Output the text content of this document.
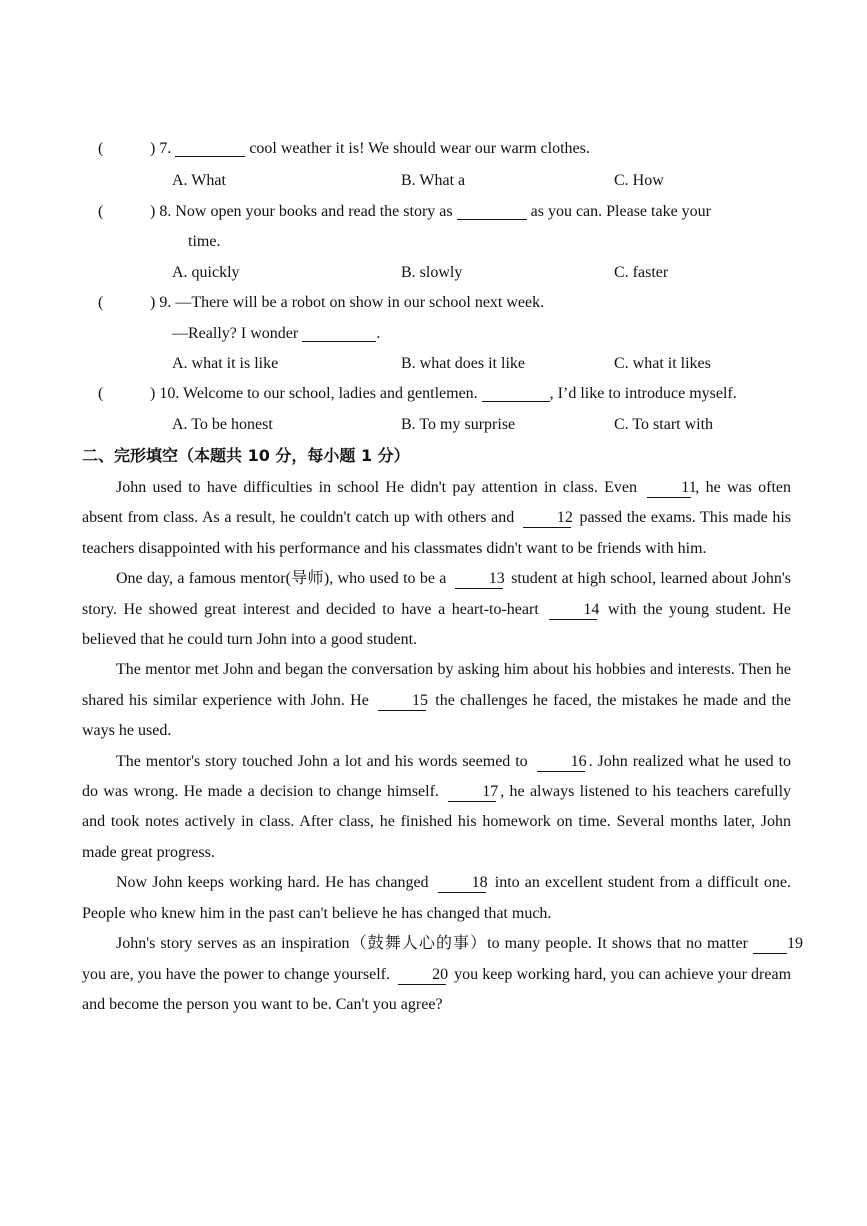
(	) 7.	cool weather it is! We should wear our warm clothes.
A. What	B. What a	C. How
(	) 8. Now open your books and read the story as	as you can. Please take your
time.
A. quickly	B. slowly	C. faster
(	) 9. —There will be a robot on show in our school next week.
—Really? I wonder	.
A. what it is like	B. what does it like	C. what it likes
(	) 10. Welcome to our school, ladies and gentlemen.	, I’d like to introduce myself.
A. To be honest	B. To my surprise	C. To start with
二、完形填空（本题共 10 分，每小题 1 分）

John used to have difficulties in school He didn't pay attention in class. Even	11, he was often absent from class. As a result, he couldn't catch up with others and	12 passed the exams. This made his teachers disappointed with his performance and his classmates didn't want to be friends with him.

One day, a famous mentor(导师), who used to be a	13 student at high school, learned about John's story. He showed great interest and decided to have a heart-to-heart	14 with the young student. He believed that he could turn John into a good student.

The mentor met John and began the conversation by asking him about his hobbies and interests. Then he shared his similar experience with John. He	15 the challenges he faced, the mistakes he made and the ways he used.

The mentor's story touched John a lot and his words seemed to	16 . John realized what he used to do was wrong. He made a decision to change himself.	17 , he always listened to his teachers carefully and took notes actively in class. After class, he finished his homework on time. Several months later, John made great progress.

Now John keeps working hard. He has changed	18 into an excellent student from a difficult one. People who knew him in the past can't believe he has changed that much.

John's story serves as an inspiration（鼓舞人心的事）to many people. It shows that no matter 19 you are, you have the power to change yourself.	20 you keep working hard, you can achieve your dream and become the person you want to be. Can't you agree?
